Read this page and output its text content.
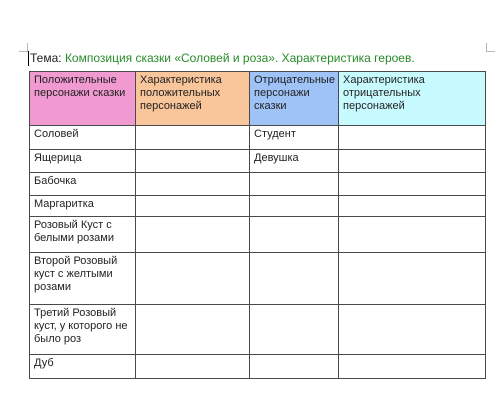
Тема: Композиция сказки «Соловей и роза». Характеристика героев.
Положительные персонажи сказки	Характеристика положительных персонажей	Отрицательные персонажи сказки	Характеристика отрицательных персонажей
Соловей		Студент	
Ящерица		Девушка	
Бабочка			
Маргаритка			
Розовый Куст с белыми розами			
Второй Розовый куст с желтыми розами			
Третий Розовый куст, у которого не было роз			
Дуб			
